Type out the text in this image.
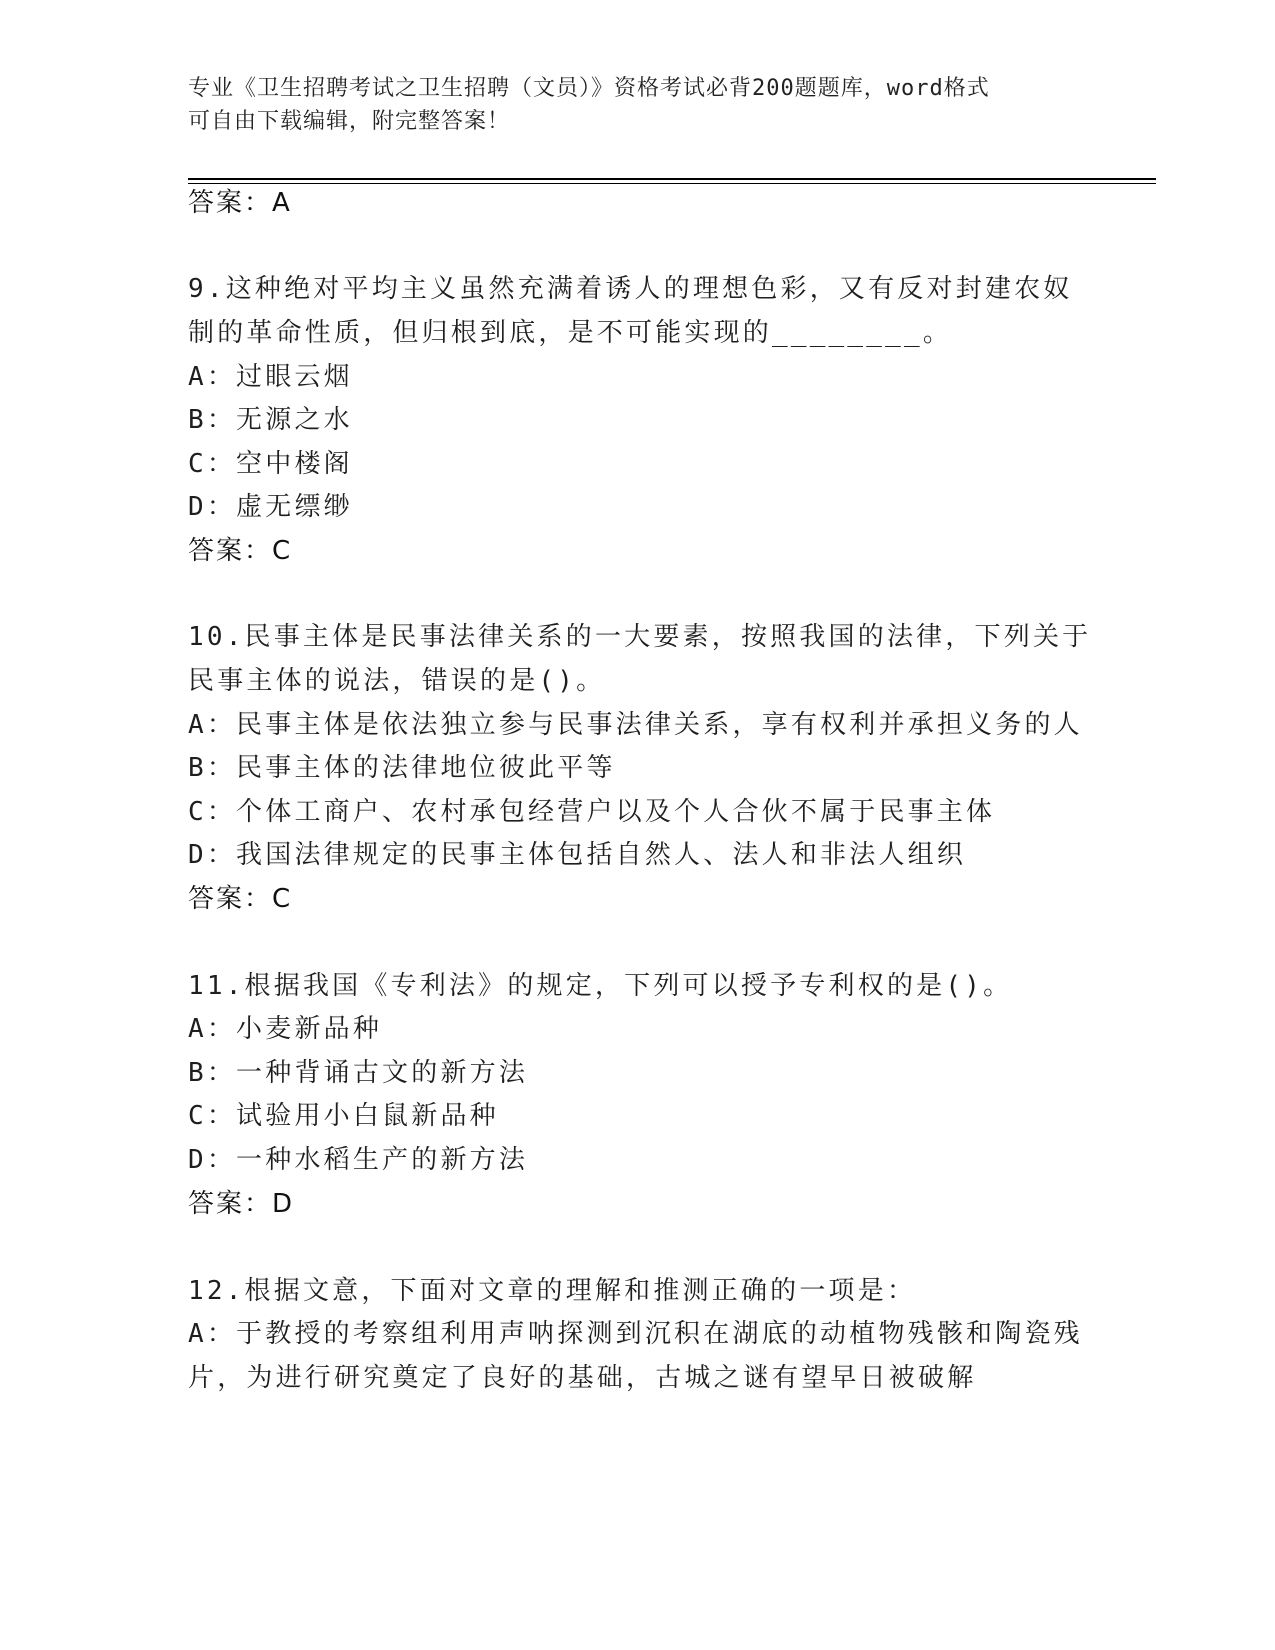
专业《卫生招聘考试之卫生招聘（文员）》资格考试必背200题题库，word格式
可自由下载编辑，附完整答案！
答案：A
9.这种绝对平均主义虽然充满着诱人的理想色彩，又有反对封建农奴
制的革命性质，但归根到底，是不可能实现的________。
A：过眼云烟
B：无源之水
C：空中楼阁
D：虚无缥缈
答案：C
10.民事主体是民事法律关系的一大要素，按照我国的法律，下列关于
民事主体的说法，错误的是()。
A：民事主体是依法独立参与民事法律关系，享有权利并承担义务的人
B：民事主体的法律地位彼此平等
C：个体工商户、农村承包经营户以及个人合伙不属于民事主体
D：我国法律规定的民事主体包括自然人、法人和非法人组织
答案：C
11.根据我国《专利法》的规定，下列可以授予专利权的是()。
A：小麦新品种
B：一种背诵古文的新方法
C：试验用小白鼠新品种
D：一种水稻生产的新方法
答案：D
12.根据文意，下面对文章的理解和推测正确的一项是：
A：于教授的考察组利用声呐探测到沉积在湖底的动植物残骸和陶瓷残
片，为进行研究奠定了良好的基础，古城之谜有望早日被破解
